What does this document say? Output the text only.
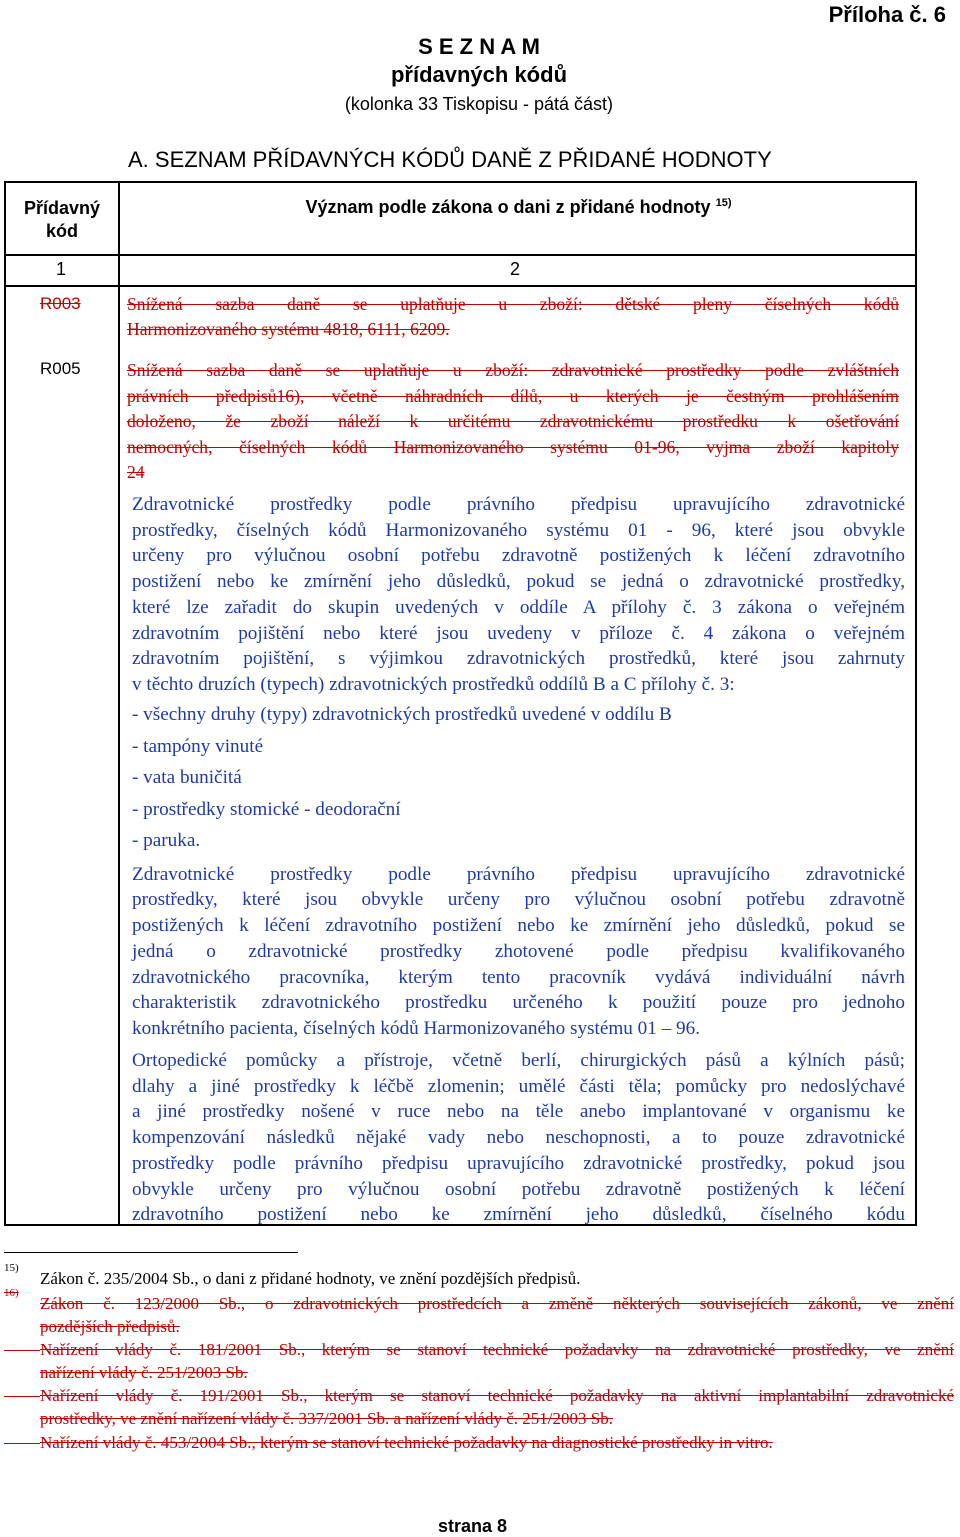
Příloha č. 6
S E Z N A M
přídavných kódů
(kolonka 33 Tiskopisu - pátá část)
A. SEZNAM PŘÍDAVNÝCH KÓDŮ DANĚ Z PŘIDANÉ HODNOTY
Přídavný
kód
Význam podle zákona o dani z přidané hodnoty $^{15)}$
1	2
R003	Snížená sazba daně se uplatňuje u zboží: dětské pleny číselných kódů
Harmonizovaného systému 4818, 6111, 6209.
R005	Snížená sazba daně se uplatňuje u zboží: zdravotnické prostředky podle zvláštních
právních předpisů16), včetně náhradních dílů, u kterých je čestným prohlášením
doloženo, že zboží náleží k určitému zdravotnickému prostředku k ošetřování
nemocných, číselných kódů Harmonizovaného systému 01-96, vyjma zboží kapitoly
24
Zdravotnické prostředky podle právního předpisu upravujícího zdravotnické
prostředky, číselných kódů Harmonizovaného systému 01 - 96, které jsou obvykle
určeny pro výlučnou osobní potřebu zdravotně postižených k léčení zdravotního
postižení nebo ke zmírnění jeho důsledků, pokud se jedná o zdravotnické prostředky,
které lze zařadit do skupin uvedených v oddíle A přílohy č. 3 zákona o veřejném
zdravotním pojištění nebo které jsou uvedeny v příloze č. 4 zákona o veřejném
zdravotním pojištění, s výjimkou zdravotnických prostředků, které jsou zahrnuty
v těchto druzích (typech) zdravotnických prostředků oddílů B a C přílohy č. 3:
- všechny druhy (typy) zdravotnických prostředků uvedené v oddílu B
- tampóny vinuté
- vata buničitá
- prostředky stomické - deodorační
- paruka.
Zdravotnické prostředky podle právního předpisu upravujícího zdravotnické
prostředky, které jsou obvykle určeny pro výlučnou osobní potřebu zdravotně
postižených k léčení zdravotního postižení nebo ke zmírnění jeho důsledků, pokud se
jedná o zdravotnické prostředky zhotovené podle předpisu kvalifikovaného
zdravotnického pracovníka, kterým tento pracovník vydává individuální návrh
charakteristik zdravotnického prostředku určeného k použití pouze pro jednoho
konkrétního pacienta, číselných kódů Harmonizovaného systému 01 – 96.
Ortopedické pomůcky a přístroje, včetně berlí, chirurgických pásů a kýlních pásů;
dlahy a jiné prostředky k léčbě zlomenin; umělé části těla; pomůcky pro nedoslýchavé
a jiné prostředky nošené v ruce nebo na těle anebo implantované v organismu ke
kompenzování následků nějaké vady nebo neschopnosti, a to pouze zdravotnické
prostředky podle právního předpisu upravujícího zdravotnické prostředky, pokud jsou
obvykle určeny pro výlučnou osobní potřebu zdravotně postižených k léčení
zdravotního postižení nebo ke zmírnění jeho důsledků, číselného kódu
15)
Zákon č. 235/2004 Sb., o dani z přidané hodnoty, ve znění pozdějších předpisů.
16)
Zákon č. 123/2000 Sb., o zdravotnických prostředcích a změně některých souvisejících zákonů, ve znění
pozdějších předpisů.
Nařízení vlády č. 181/2001 Sb., kterým se stanoví technické požadavky na zdravotnické prostředky, ve znění
nařízení vlády č. 251/2003 Sb.
Nařízení vlády č. 191/2001 Sb., kterým se stanoví technické požadavky na aktivní implantabilní zdravotnické
prostředky, ve znění nařízení vlády č. 337/2001 Sb. a nařízení vlády č. 251/2003 Sb.
Nařízení vlády č. 453/2004 Sb., kterým se stanoví technické požadavky na diagnostické prostředky in vitro.
strana 8
